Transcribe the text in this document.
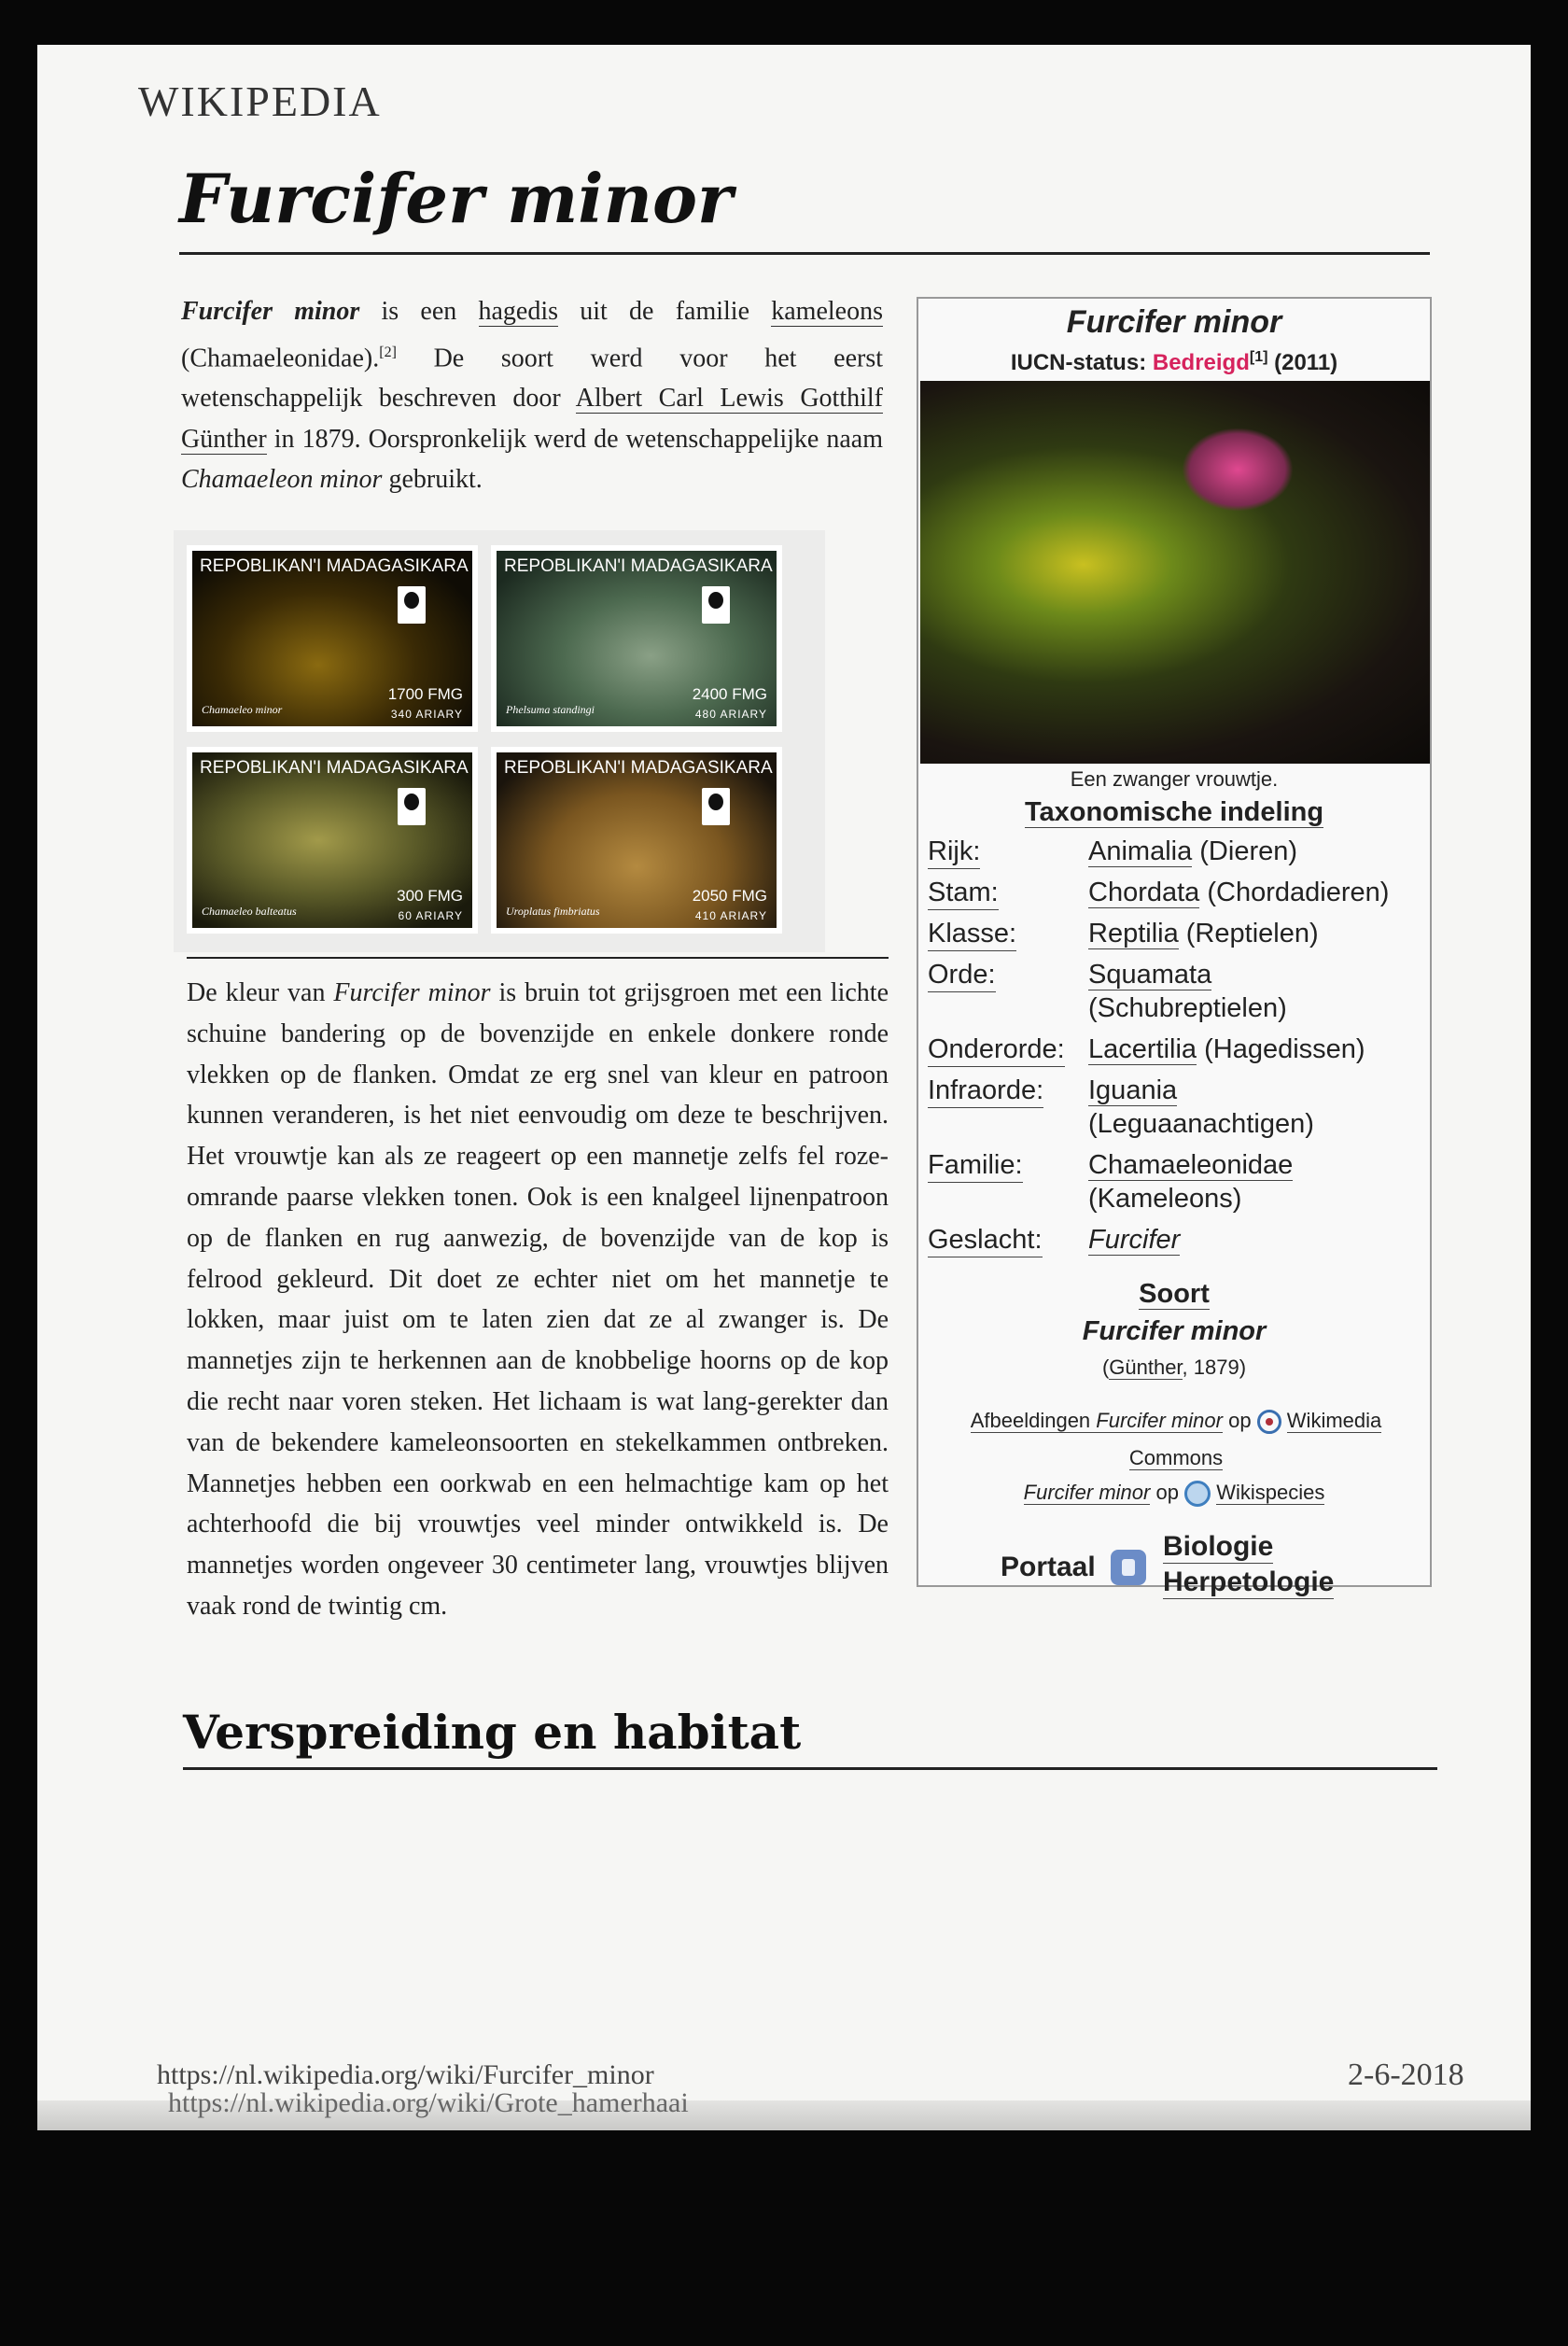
WIKIPEDIA
Furcifer minor

Furcifer minor is een hagedis uit de familie kameleons (Chamaeleonidae).[2] De soort werd voor het eerst wetenschappelijk beschreven door Albert Carl Lewis Gotthilf Günther in 1879. Oorspronkelijk werd de wetenschappelijke naam Chamaeleon minor gebruikt.

REPOBLIKAN'I MADAGASIKARA
Chamaeleo minor
1700 FMG
340 ARIARY
REPOBLIKAN'I MADAGASIKARA
Phelsuma standingi
2400 FMG
480 ARIARY
REPOBLIKAN'I MADAGASIKARA
Chamaeleo balteatus
300 FMG
60 ARIARY
REPOBLIKAN'I MADAGASIKARA
Uroplatus fimbriatus
2050 FMG
410 ARIARY

De kleur van Furcifer minor is bruin tot grijsgroen met een lichte schuine bandering op de bovenzijde en enkele donkere ronde vlekken op de flanken. Omdat ze erg snel van kleur en patroon kunnen veranderen, is het niet eenvoudig om deze te beschrijven. Het vrouwtje kan als ze reageert op een mannetje zelfs fel roze-omrande paarse vlekken tonen. Ook is een knalgeel lijnenpatroon op de flanken en rug aanwezig, de bovenzijde van de kop is felrood gekleurd. Dit doet ze echter niet om het mannetje te lokken, maar juist om te laten zien dat ze al zwanger is. De mannetjes zijn te herkennen aan de knobbelige hoorns op de kop die recht naar voren steken. Het lichaam is wat lang-gerekter dan van de bekendere kameleonsoorten en stekelkammen ontbreken. Mannetjes hebben een oorkwab en een helmachtige kam op het achterhoofd die bij vrouwtjes veel minder ontwikkeld is. De mannetjes worden ongeveer 30 centimeter lang, vrouwtjes blijven vaak rond de twintig cm.

Furcifer minor
IUCN-status: Bedreigd[1] (2011)
Een zwanger vrouwtje.
Taxonomische indeling
Rijk:	Animalia (Dieren)
Stam:	Chordata (Chordadieren)
Klasse:	Reptilia (Reptielen)
Orde:	Squamata
(Schubreptielen)
Onderorde: Lacertilia (Hagedissen)
Infraorde: Iguania
(Leguaanachtigen)
Familie: Chamaeleonidae
(Kameleons)
Geslacht: Furcifer
Soort
Furcifer minor
(Günther, 1879)
Afbeeldingen Furcifer minor op  Wikimedia Commons
Furcifer minor op  Wikispecies
Portaal
Biologie
Herpetologie
Verspreiding en habitat
https://nl.wikipedia.org/wiki/Furcifer_minor
https://nl.wikipedia.org/wiki/Grote_hamerhaai
2-6-2018
